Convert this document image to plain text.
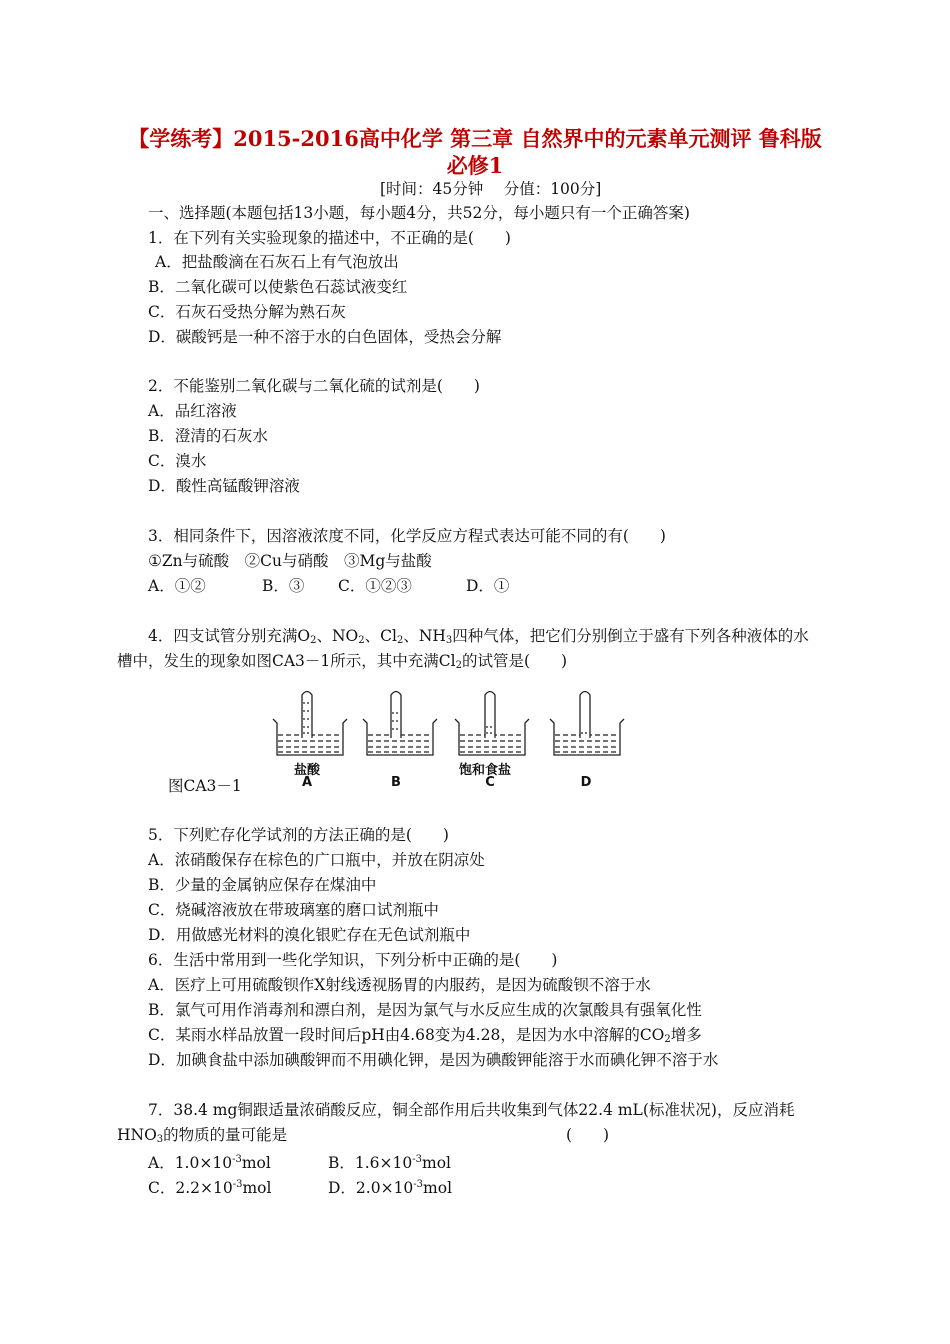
【学练考】2015-2016高中化学 第三章 自然界中的元素单元测评 鲁科版
必修1
[时间：45分钟　 分值：100分]
一、选择题(本题包括13小题，每小题4分，共52分，每小题只有一个正确答案)
1．在下列有关实验现象的描述中，不正确的是(　　)
A．把盐酸滴在石灰石上有气泡放出
B．二氧化碳可以使紫色石蕊试液变红
C．石灰石受热分解为熟石灰
D．碳酸钙是一种不溶于水的白色固体，受热会分解
2．不能鉴别二氧化碳与二氧化硫的试剂是(　　)
A．品红溶液
B．澄清的石灰水
C．溴水
D．酸性高锰酸钾溶液
3．相同条件下，因溶液浓度不同，化学反应方程式表达可能不同的有(　　)
①Zn与硫酸　②Cu与硝酸　③Mg与盐酸
A．①②	B．③ C．①②③	D．①
4．四支试管分别充满$O_2$、$NO_2$、$Cl_2$、$NH_3$四种气体，把它们分别倒立于盛有下列各种液体的水
槽中，发生的现象如图CA3－1所示，其中充满$Cl_2$的试管是(　　)
盐酸
A	B
饱和食盐
C	D
图CA3－1
5．下列贮存化学试剂的方法正确的是(　　)
A．浓硝酸保存在棕色的广口瓶中，并放在阴凉处
B．少量的金属钠应保存在煤油中
C．烧碱溶液放在带玻璃塞的磨口试剂瓶中
D．用做感光材料的溴化银贮存在无色试剂瓶中
6．生活中常用到一些化学知识，下列分析中正确的是(　　)
A．医疗上可用硫酸钡作X射线透视肠胃的内服药，是因为硫酸钡不溶于水
B．氯气可用作消毒剂和漂白剂，是因为氯气与水反应生成的次氯酸具有强氧化性
C．某雨水样品放置一段时间后pH由4.68变为4.28，是因为水中溶解的$CO_2$增多
D．加碘食盐中添加碘酸钾而不用碘化钾，是因为碘酸钾能溶于水而碘化钾不溶于水
7．38.4 mg铜跟适量浓硝酸反应，铜全部作用后共收集到气体22.4 mL(标准状况)，反应消耗
$HNO_3$的物质的量可能是	(　　)
A．$1.0\times 10^{-3}mol$	B．$1.6\times 10^{-3}mol$
C．$2.2\times 10^{-3}mol$	D．$2.0\times 10^{-3}mol$
